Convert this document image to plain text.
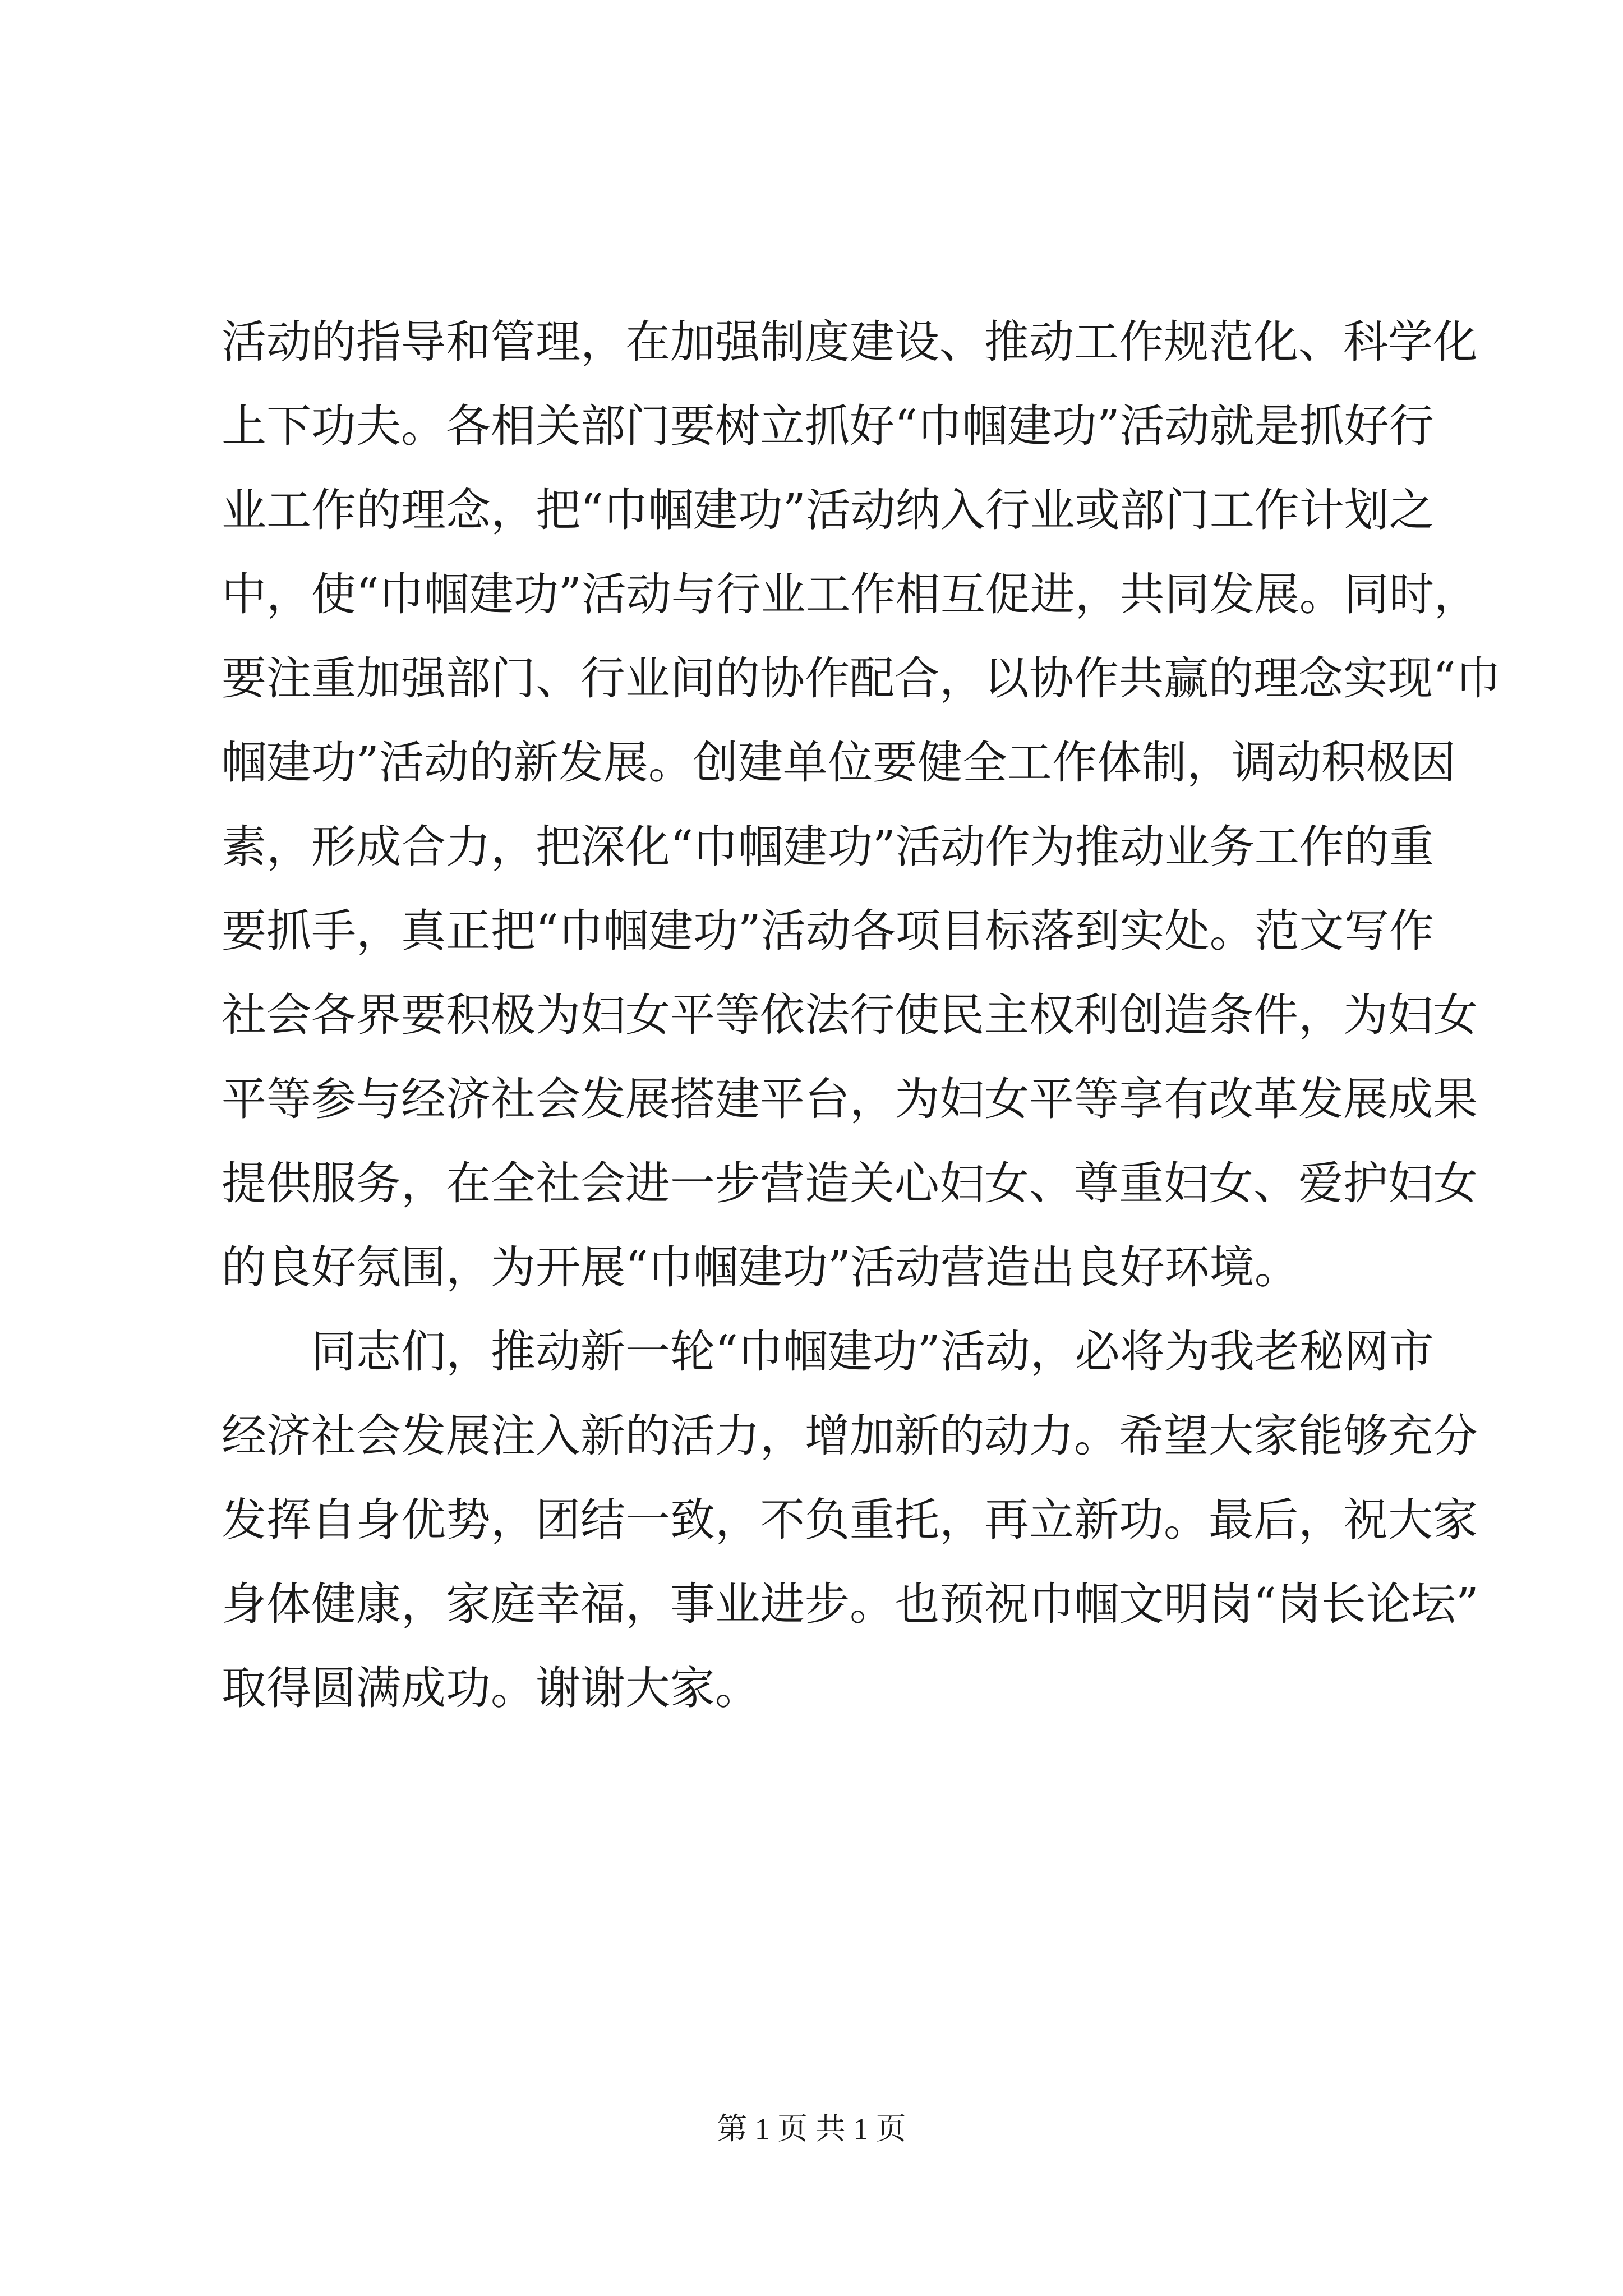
活动的指导和管理，在加强制度建设、推动工作规范化、科学化
上下功夫。各相关部门要树立抓好“巾帼建功”活动就是抓好行
业工作的理念，把“巾帼建功”活动纳入行业或部门工作计划之
中，使“巾帼建功”活动与行业工作相互促进，共同发展。同时，
要注重加强部门、行业间的协作配合，以协作共赢的理念实现“巾
帼建功”活动的新发展。创建单位要健全工作体制，调动积极因
素，形成合力，把深化“巾帼建功”活动作为推动业务工作的重
要抓手，真正把“巾帼建功”活动各项目标落到实处。范文写作
社会各界要积极为妇女平等依法行使民主权利创造条件，为妇女
平等参与经济社会发展搭建平台，为妇女平等享有改革发展成果
提供服务，在全社会进一步营造关心妇女、尊重妇女、爱护妇女
的良好氛围，为开展“巾帼建功”活动营造出良好环境。
同志们，推动新一轮“巾帼建功”活动，必将为我老秘网市
经济社会发展注入新的活力，增加新的动力。希望大家能够充分
发挥自身优势，团结一致，不负重托，再立新功。最后，祝大家
身体健康，家庭幸福，事业进步。也预祝巾帼文明岗“岗长论坛”
取得圆满成功。谢谢大家。
第 1 页 共 1 页
